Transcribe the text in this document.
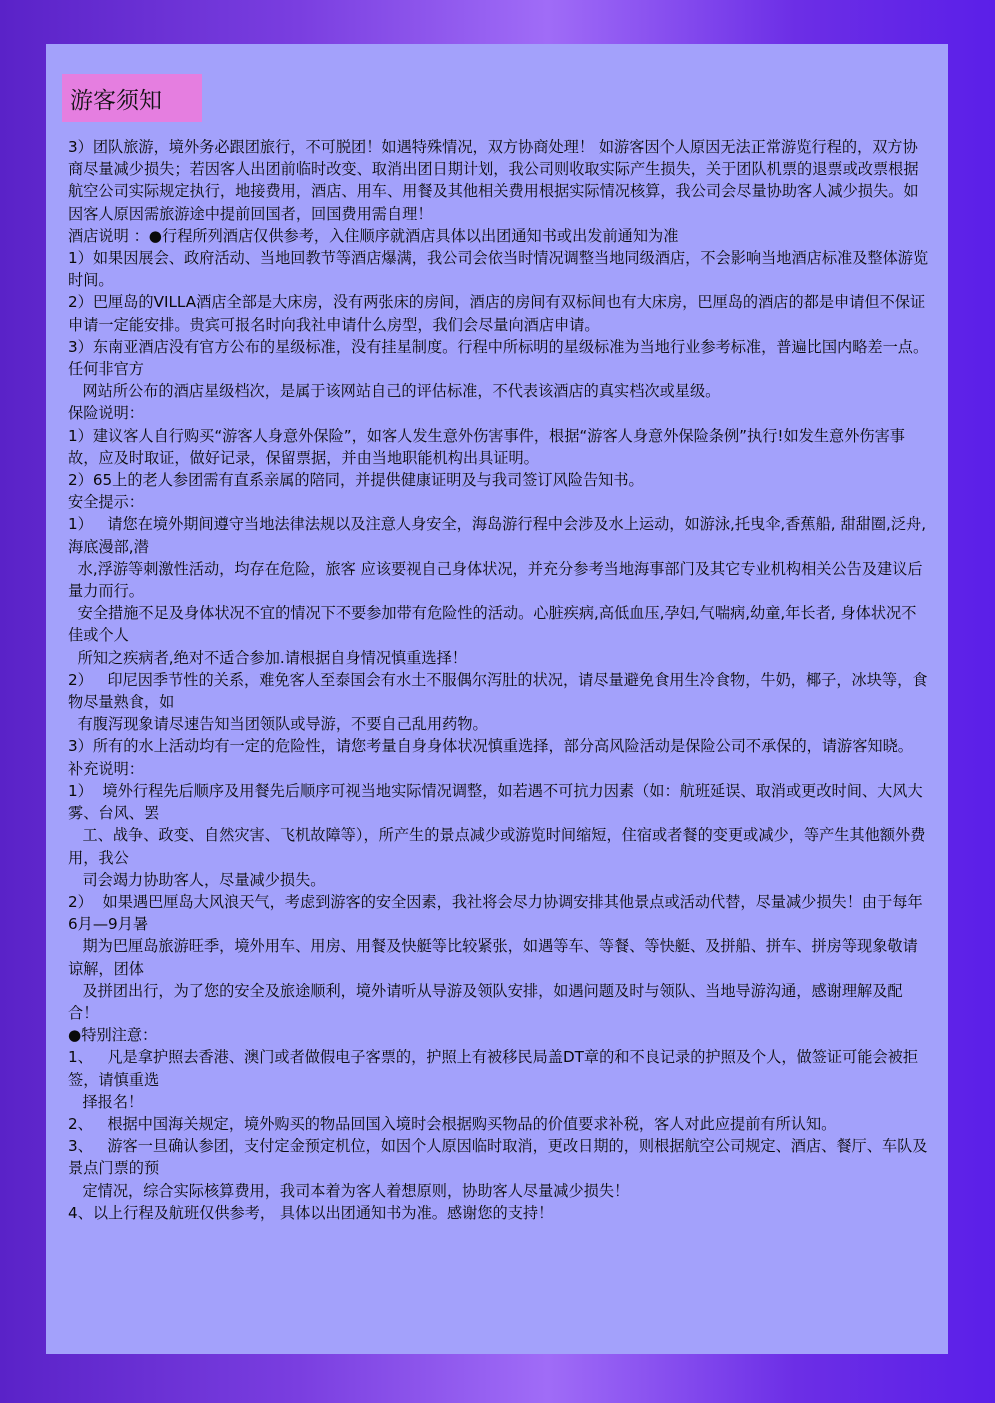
游客须知

3）团队旅游，境外务必跟团旅行，不可脱团！如遇特殊情况，双方协商处理！ 如游客因个人原因无法正常游览行程的，双方协商尽量减少损失；若因客人出团前临时改变、取消出团日期计划，我公司则收取实际产生损失，关于团队机票的退票或改票根据航空公司实际规定执行，地接费用，酒店、用车、用餐及其他相关费用根据实际情况核算，我公司会尽量协助客人减少损失。如因客人原因需旅游途中提前回国者，回国费用需自理！

酒店说明 ：●行程所列酒店仅供参考，入住顺序就酒店具体以出团通知书或出发前通知为准

1）如果因展会、政府活动、当地回教节等酒店爆满，我公司会依当时情况调整当地同级酒店，不会影响当地酒店标准及整体游览时间。

2）巴厘岛的VILLA酒店全部是大床房，没有两张床的房间，酒店的房间有双标间也有大床房，巴厘岛的酒店的都是申请但不保证申请一定能安排。贵宾可报名时向我社申请什么房型，我们会尽量向酒店申请。

3）东南亚酒店没有官方公布的星级标准，没有挂星制度。行程中所标明的星级标准为当地行业参考标准，普遍比国内略差一点。任何非官方

网站所公布的酒店星级档次，是属于该网站自己的评估标准，不代表该酒店的真实档次或星级。

保险说明：

1）建议客人自行购买“游客人身意外保险”，如客人发生意外伤害事件，根据“游客人身意外保险条例”执行!如发生意外伤害事故，应及时取证，做好记录，保留票据，并由当地职能机构出具证明。

2）65上的老人参团需有直系亲属的陪同，并提供健康证明及与我司签订风险告知书。

安全提示：

1）   请您在境外期间遵守当地法律法规以及注意人身安全，海岛游行程中会涉及水上运动，如游泳,托曳伞,香蕉船, 甜甜圈,泛舟,海底漫部,潜

水,浮游等刺激性活动，均存在危险，旅客 应该要视自己身体状况，并充分参考当地海事部门及其它专业机构相关公告及建议后量力而行。

安全措施不足及身体状况不宜的情况下不要参加带有危险性的活动。心脏疾病,高低血压,孕妇,气喘病,幼童,年长者, 身体状况不佳或个人

所知之疾病者,绝对不适合参加.请根据自身情况慎重选择！

2）   印尼因季节性的关系，难免客人至泰国会有水土不服偶尔泻肚的状况，请尽量避免食用生冷食物，牛奶，椰子，冰块等，食物尽量熟食，如

有腹泻现象请尽速告知当团领队或导游，不要自己乱用药物。

3）所有的水上活动均有一定的危险性，请您考量自身身体状况慎重选择，部分高风险活动是保险公司不承保的，请游客知晓。

补充说明：

1）  境外行程先后顺序及用餐先后顺序可视当地实际情况调整，如若遇不可抗力因素（如：航班延误、取消或更改时间、大风大雾、台风、罢

工、战争、政变、自然灾害、飞机故障等），所产生的景点减少或游览时间缩短，住宿或者餐的变更或减少，等产生其他额外费用，我公

司会竭力协助客人，尽量减少损失。

2）  如果遇巴厘岛大风浪天气，考虑到游客的安全因素，我社将会尽力协调安排其他景点或活动代替，尽量减少损失！由于每年6月—9月暑

期为巴厘岛旅游旺季，境外用车、用房、用餐及快艇等比较紧张，如遇等车、等餐、等快艇、及拼船、拼车、拼房等现象敬请谅解，团体

及拼团出行，为了您的安全及旅途顺利，境外请听从导游及领队安排，如遇问题及时与领队、当地导游沟通，感谢理解及配合！

●特别注意：

1、   凡是拿护照去香港、澳门或者做假电子客票的，护照上有被移民局盖DT章的和不良记录的护照及个人，做签证可能会被拒签，请慎重选

择报名！

2、   根据中国海关规定，境外购买的物品回国入境时会根据购买物品的价值要求补税，客人对此应提前有所认知。

3、   游客一旦确认参团，支付定金预定机位，如因个人原因临时取消，更改日期的，则根据航空公司规定、酒店、餐厅、车队及景点门票的预

定情况，综合实际核算费用，我司本着为客人着想原则，协助客人尽量减少损失！

4、以上行程及航班仅供参考， 具体以出团通知书为准。感谢您的支持！
